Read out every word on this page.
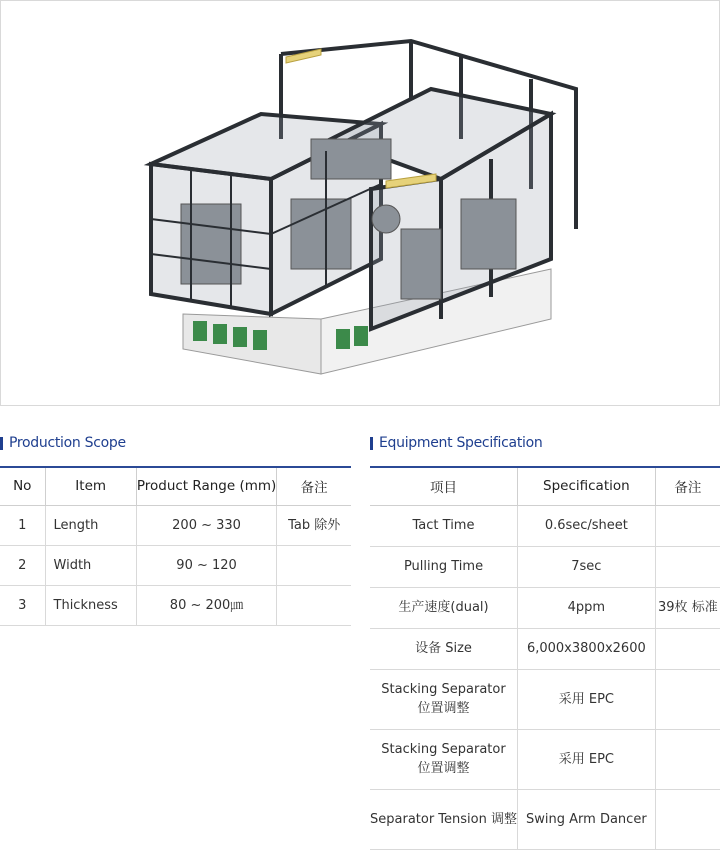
Production Scope
No	Item	Product Range (mm)	备注
1	Length	200 ~ 330	Tab 除外
2	Width	90 ~ 120	
3	Thickness	80 ~ 200㎛	
Equipment Specification
项目	Specification	备注

Tact Time	0.6sec/sheet	

Pulling Time	7sec	

生产速度(dual)	4ppm	39枚 标准

设备 Size	6,000x3800x2600	

Stacking Separator
位置调整	采用 EPC	

Stacking Separator
位置调整	采用 EPC	

Separator Tension 调整	Swing Arm Dancer	
